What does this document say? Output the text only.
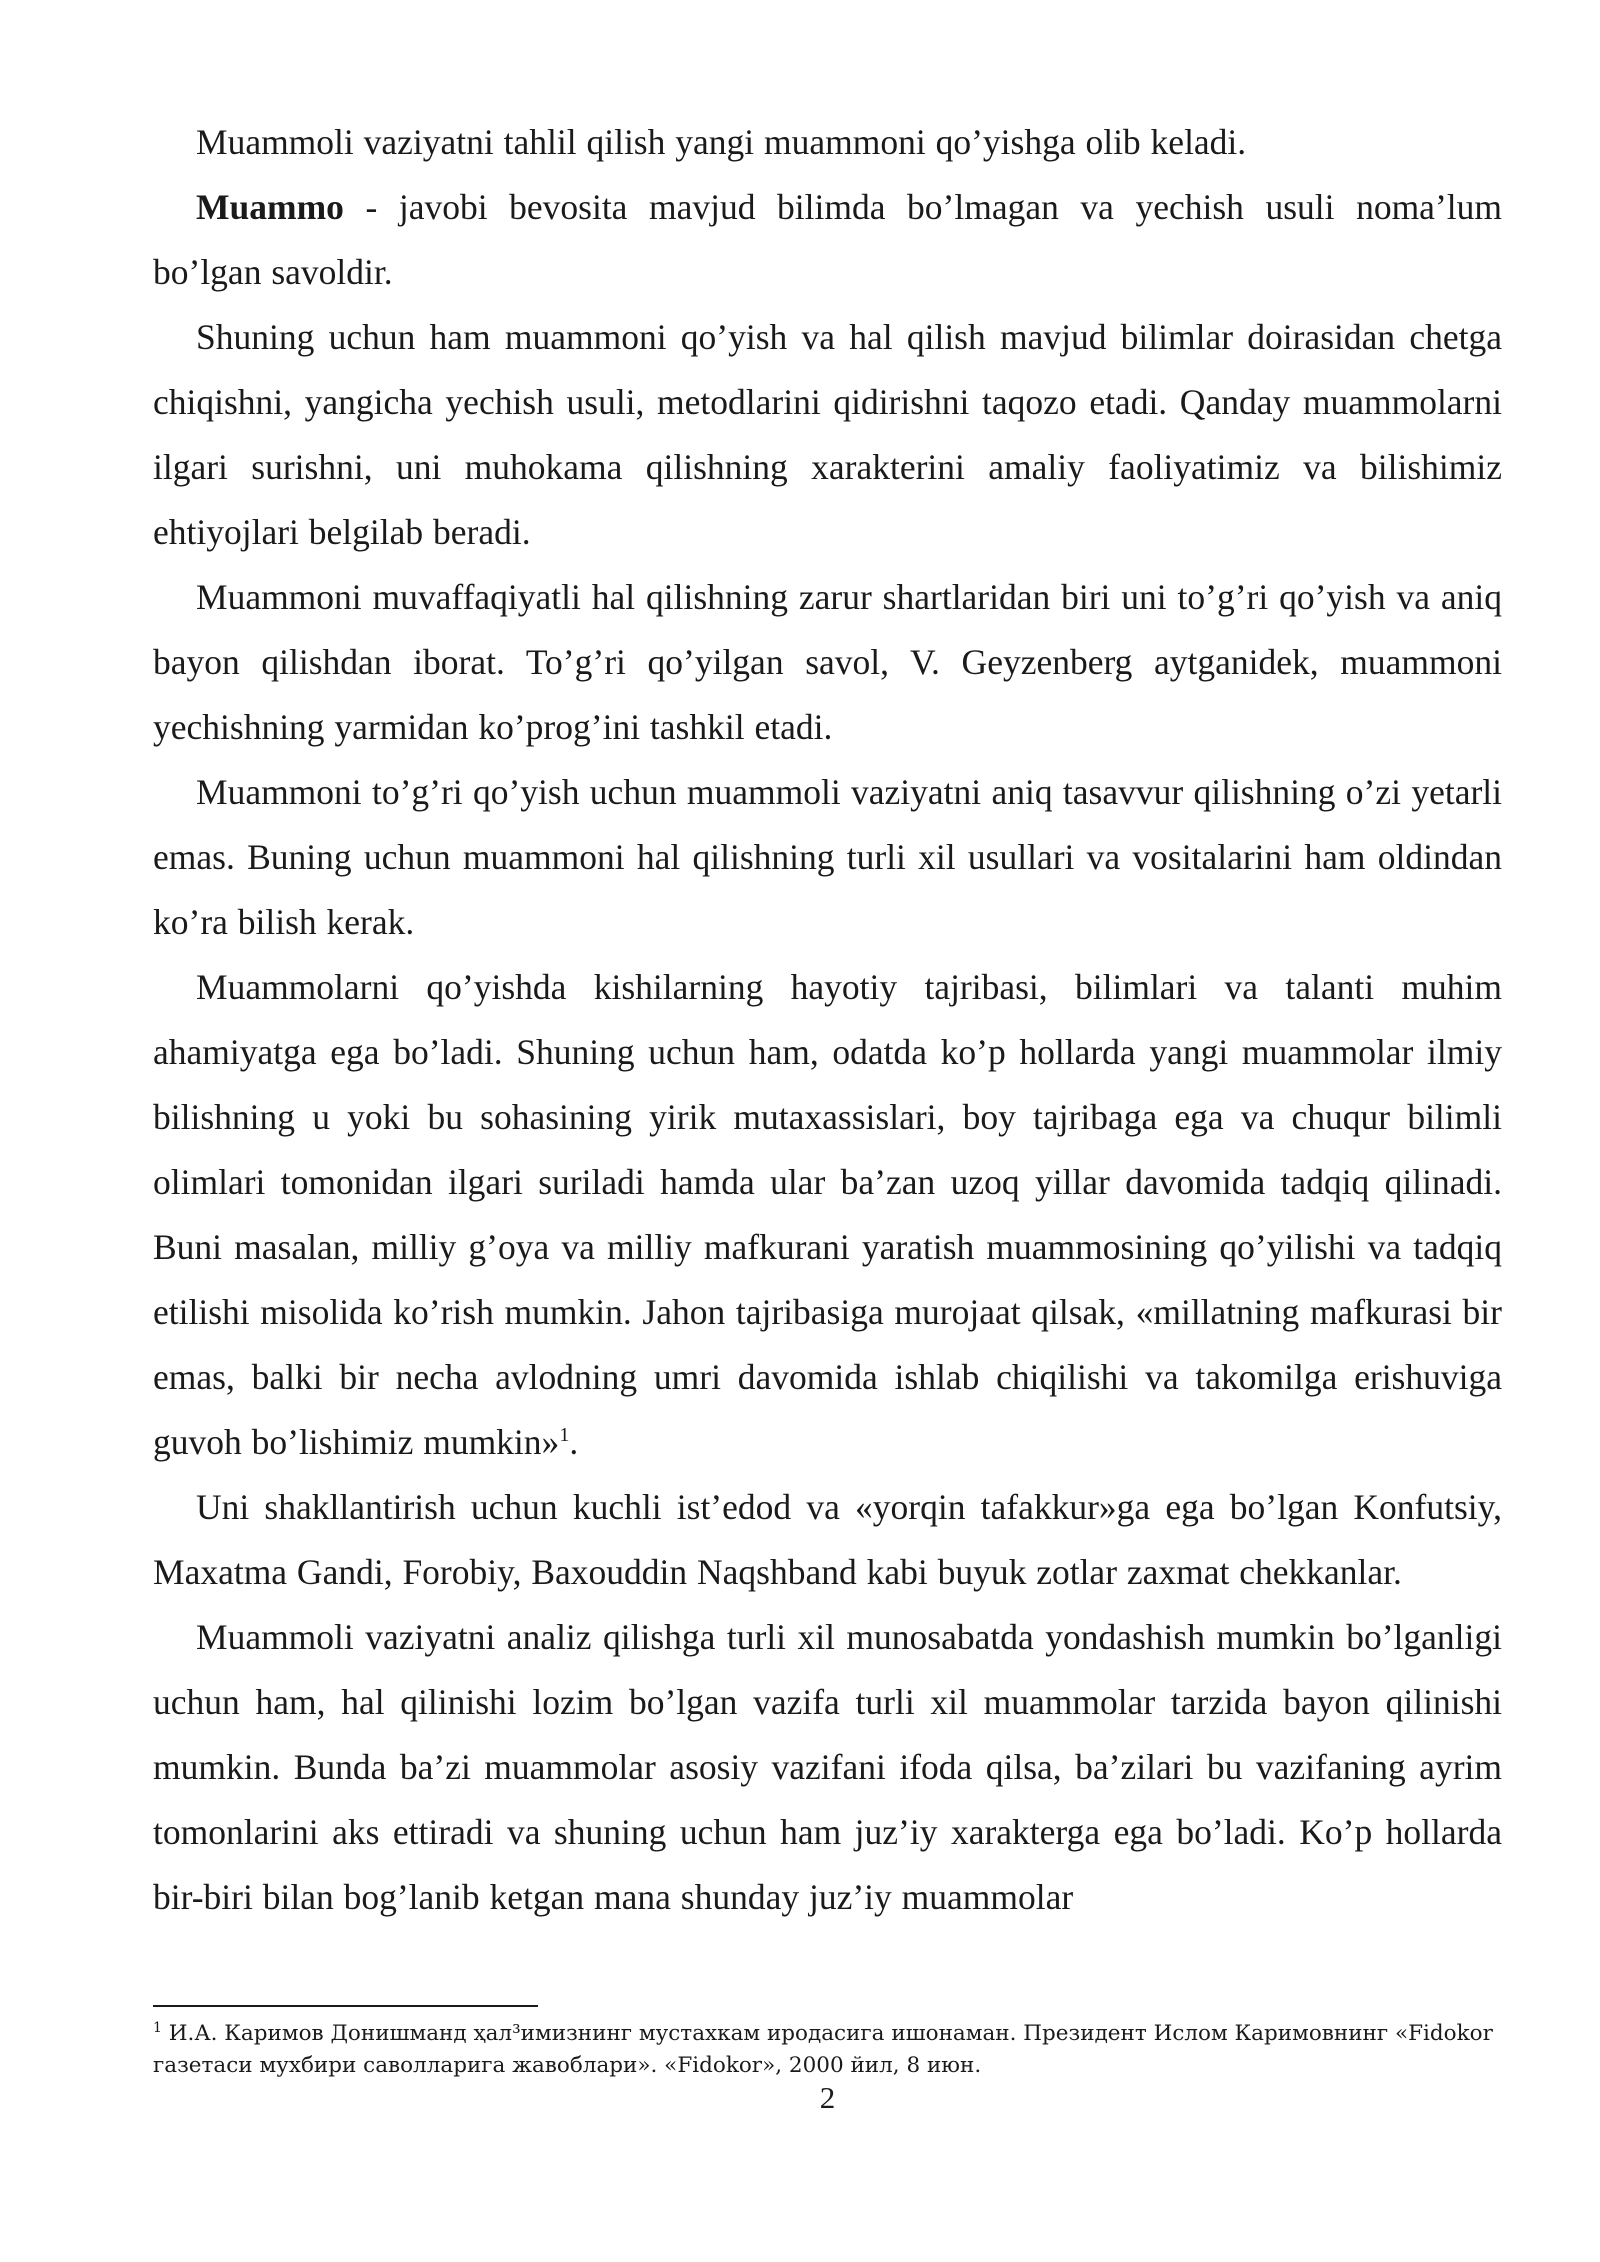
Muammoli vaziyatni tahlil qilish yangi muammoni qo’yishga olib keladi.

Muammo - javobi bevosita mavjud bilimda bo’lmagan va yechish usuli noma’lum bo’lgan savoldir.

Shuning uchun ham muammoni qo’yish va hal qilish mavjud bilimlar doirasidan chetga chiqishni, yangicha yechish usuli, metodlarini qidirishni taqozo etadi. Qanday muammolarni ilgari surishni, uni muhokama qilishning xarakterini amaliy faoliyatimiz va bilishimiz ehtiyojlari belgilab beradi.

Muammoni muvaffaqiyatli hal qilishning zarur shartlaridan biri uni to’g’ri qo’yish va aniq bayon qilishdan iborat. To’g’ri qo’yilgan savol, V. Geyzenberg aytganidek, muammoni yechishning yarmidan ko’prog’ini tashkil etadi.

Muammoni to’g’ri qo’yish uchun muammoli vaziyatni aniq tasavvur qilishning o’zi yetarli emas. Buning uchun muammoni hal qilishning turli xil usullari va vositalarini ham oldindan ko’ra bilish kerak.

Muammolarni qo’yishda kishilarning hayotiy tajribasi, bilimlari va talanti muhim ahamiyatga ega bo’ladi. Shuning uchun ham, odatda ko’p hollarda yangi muammolar ilmiy bilishning u yoki bu sohasining yirik mutaxassislari, boy tajribaga ega va chuqur bilimli olimlari tomonidan ilgari suriladi hamda ular ba’zan uzoq yillar davomida tadqiq qilinadi. Buni masalan, milliy g’oya va milliy mafkurani yaratish muammosining qo’yilishi va tadqiq etilishi misolida ko’rish mumkin. Jahon tajribasiga murojaat qilsak, «millatning mafkurasi bir emas, balki bir necha avlodning umri davomida ishlab chiqilishi va takomilga erishuviga guvoh bo’lishimiz mumkin»$^1$.

Uni shakllantirish uchun kuchli ist’edod va «yorqin tafakkur»ga ega bo’lgan Konfutsiy, Maxatma Gandi, Forobiy, Baxouddin Naqshband kabi buyuk zotlar zaxmat chekkanlar.

Muammoli vaziyatni analiz qilishga turli xil munosabatda yondashish mumkin bo’lganligi uchun ham, hal qilinishi lozim bo’lgan vazifa turli xil muammolar tarzida bayon qilinishi mumkin. Bunda ba’zi muammolar asosiy vazifani ifoda qilsa, ba’zilari bu vazifaning ayrim tomonlarini aks ettiradi va shuning uchun ham juz’iy xarakterga ega bo’ladi. Ko’p hollarda bir-biri bilan bog’lanib ketgan mana shunday juz’iy muammolar

$^1$ И.А. Каримов Донишманд ҳал³имизнинг мустахкам иродасига ишонаман. Президент Ислом Каримовнинг «Fidokor газетаси мухбири саволларига жавоблари». «Fidokor», 2000 йил, 8 июн.
2
